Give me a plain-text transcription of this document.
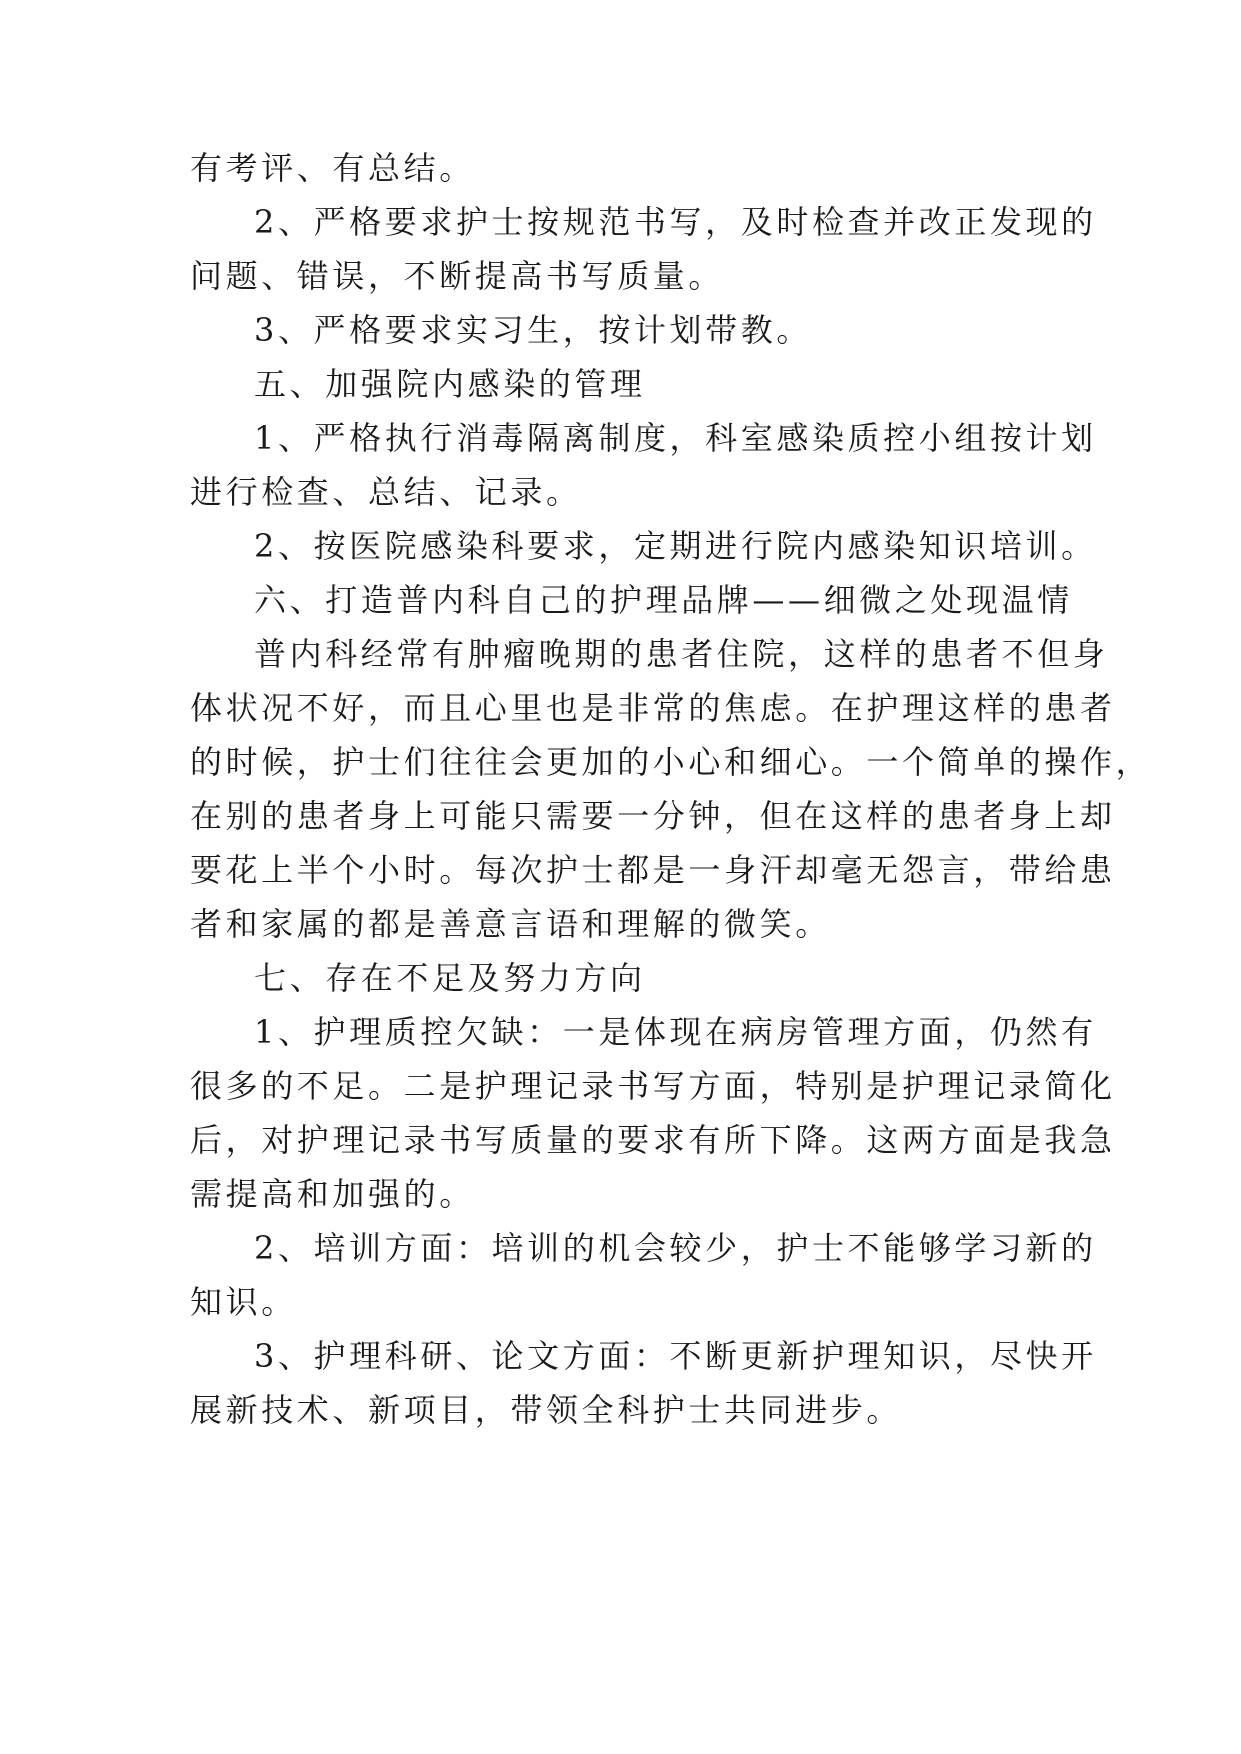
有考评、有总结。
2、严格要求护士按规范书写，及时检查并改正发现的
问题、错误，不断提高书写质量。
3、严格要求实习生，按计划带教。
五、加强院内感染的管理
1、严格执行消毒隔离制度，科室感染质控小组按计划
进行检查、总结、记录。
2、按医院感染科要求，定期进行院内感染知识培训。
六、打造普内科自己的护理品牌——细微之处现温情
普内科经常有肿瘤晚期的患者住院，这样的患者不但身
体状况不好，而且心里也是非常的焦虑。在护理这样的患者
的时候，护士们往往会更加的小心和细心。一个简单的操作，
在别的患者身上可能只需要一分钟，但在这样的患者身上却
要花上半个小时。每次护士都是一身汗却毫无怨言，带给患
者和家属的都是善意言语和理解的微笑。
七、存在不足及努力方向
1、护理质控欠缺：一是体现在病房管理方面，仍然有
很多的不足。二是护理记录书写方面，特别是护理记录简化
后，对护理记录书写质量的要求有所下降。这两方面是我急
需提高和加强的。
2、培训方面：培训的机会较少，护士不能够学习新的
知识。
3、护理科研、论文方面：不断更新护理知识，尽快开
展新技术、新项目，带领全科护士共同进步。
